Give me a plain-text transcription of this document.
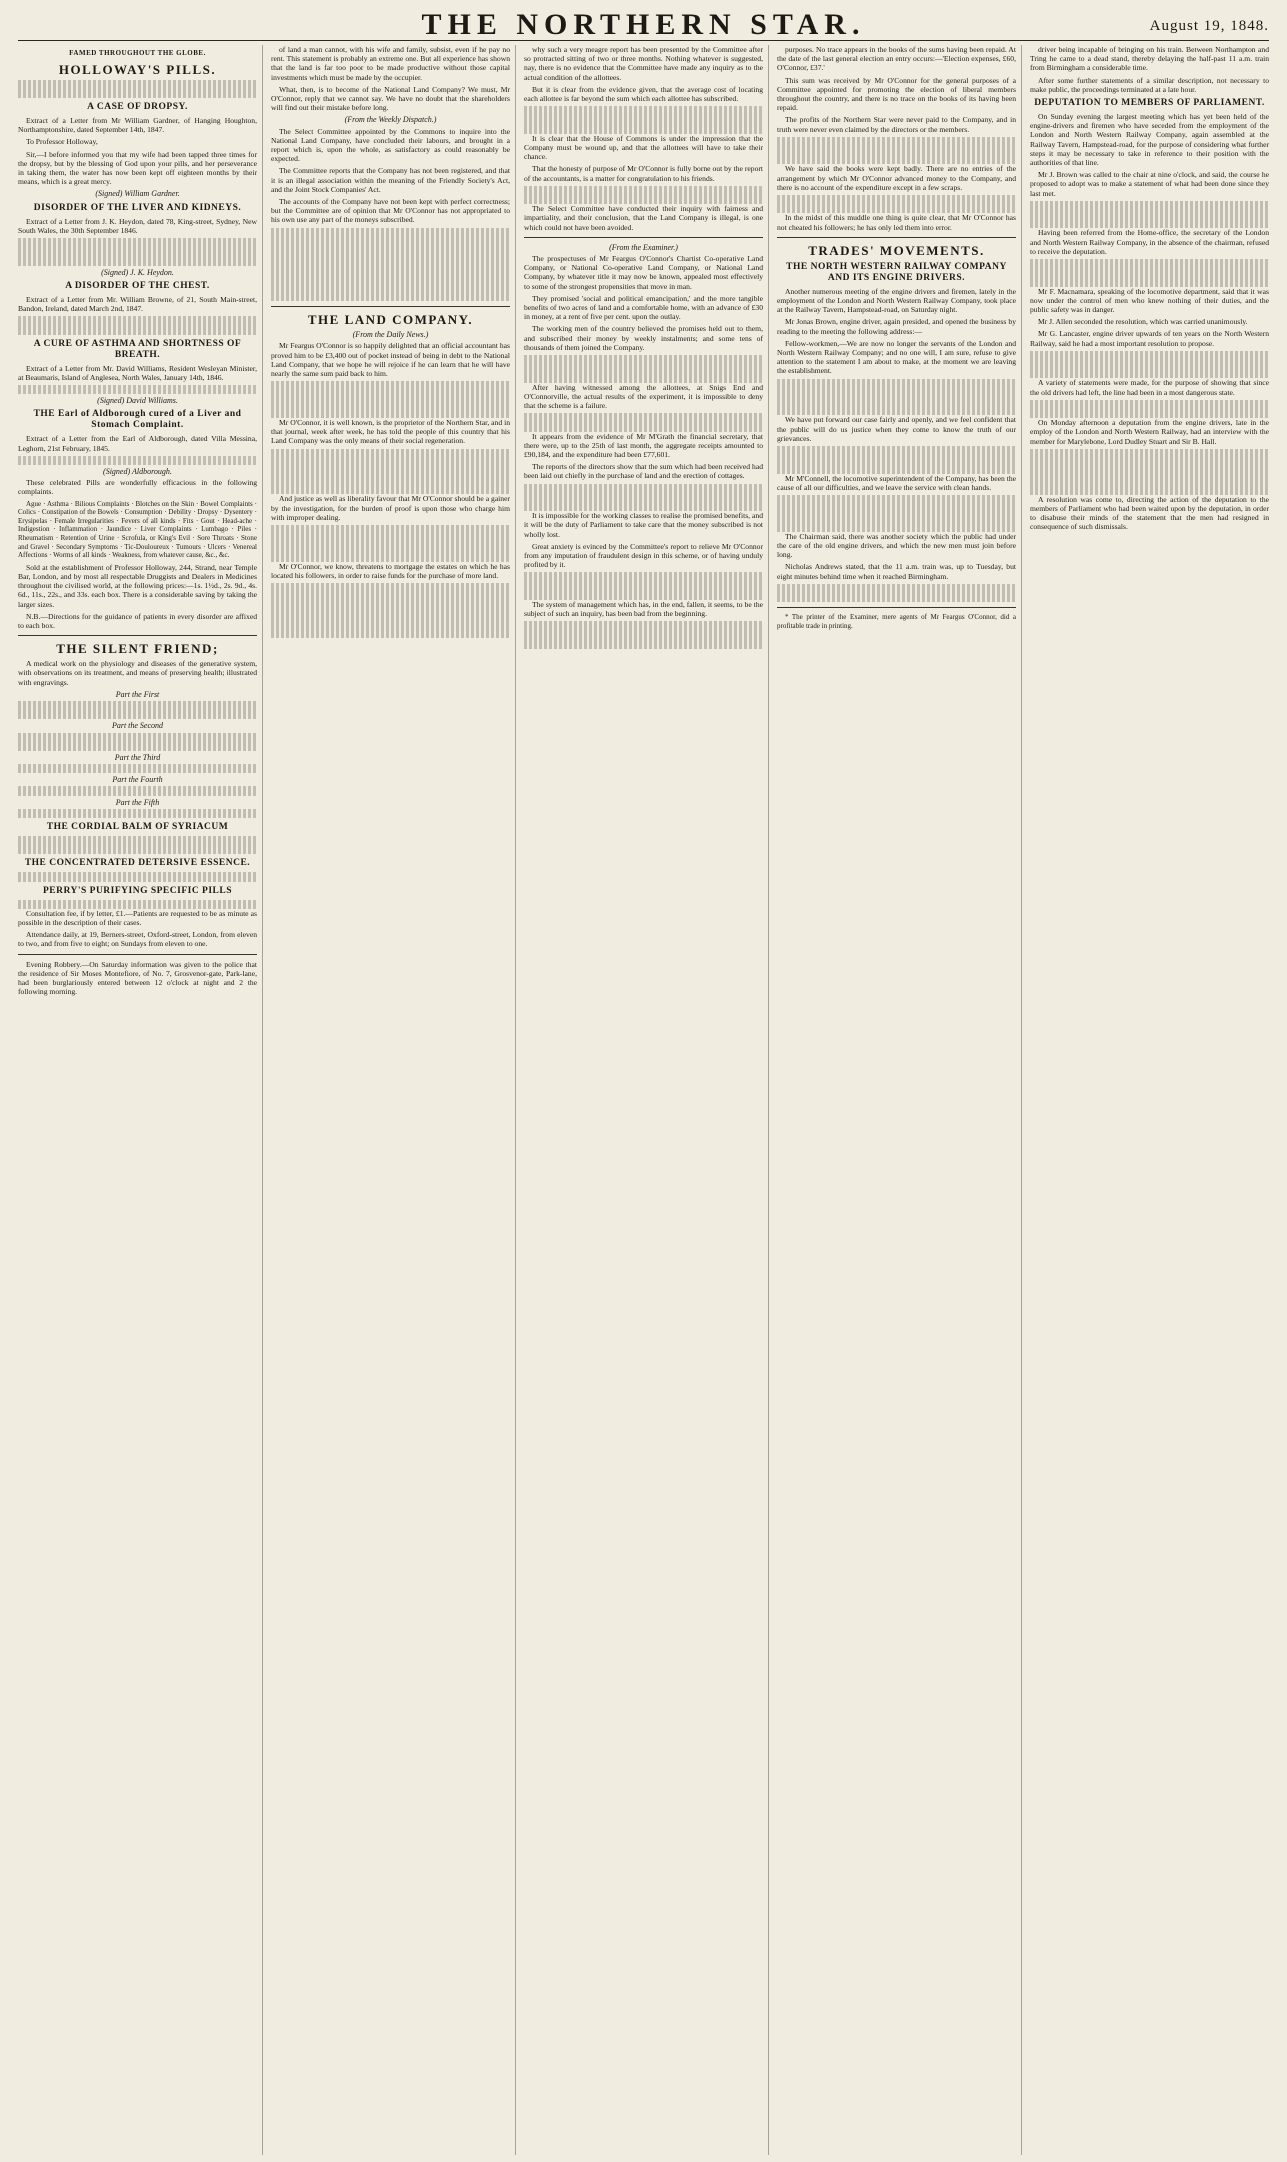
THE NORTHERN STAR.	August 19, 1848.
FAMED THROUGHOUT THE GLOBE.
HOLLOWAY'S PILLS.
A CASE OF DROPSY.

Extract of a Letter from Mr William Gardner, of Hanging Houghton, Northamptonshire, dated September 14th, 1847.

To Professor Holloway,

Sir,—I before informed you that my wife had been tapped three times for the dropsy, but by the blessing of God upon your pills, and her perseverance in taking them, the water has now been kept off eighteen months by their means, which is a great mercy.

(Signed) William Gardner.
DISORDER OF THE LIVER AND KIDNEYS.

Extract of a Letter from J. K. Heydon, dated 78, King-street, Sydney, New South Wales, the 30th September 1846.

(Signed) J. K. Heydon.
A DISORDER OF THE CHEST.

Extract of a Letter from Mr. William Browne, of 21, South Main-street, Bandon, Ireland, dated March 2nd, 1847.

A CURE OF ASTHMA AND SHORTNESS OF BREATH.

Extract of a Letter from Mr. David Williams, Resident Wesleyan Minister, at Beaumaris, Island of Anglesea, North Wales, January 14th, 1846.

(Signed) David Williams.
THE Earl of Aldborough cured of a Liver and Stomach Complaint.

Extract of a Letter from the Earl of Aldborough, dated Villa Messina, Leghorn, 21st February, 1845.

(Signed) Aldborough.

These celebrated Pills are wonderfully efficacious in the following complaints.

Ague · Asthma · Bilious Complaints · Blotches on the Skin · Bowel Complaints · Colics · Constipation of the Bowels · Consumption · Debility · Dropsy · Dysentery · Erysipelas · Female Irregularities · Fevers of all kinds · Fits · Gout · Head-ache · Indigestion · Inflammation · Jaundice · Liver Complaints · Lumbago · Piles · Rheumatism · Retention of Urine · Scrofula, or King's Evil · Sore Throats · Stone and Gravel · Secondary Symptoms · Tic-Douloureux · Tumours · Ulcers · Venereal Affections · Worms of all kinds · Weakness, from whatever cause, &c., &c.

Sold at the establishment of Professor Holloway, 244, Strand, near Temple Bar, London, and by most all respectable Druggists and Dealers in Medicines throughout the civilised world, at the following prices:—1s. 1½d., 2s. 9d., 4s. 6d., 11s., 22s., and 33s. each box. There is a considerable saving by taking the larger sizes.

N.B.—Directions for the guidance of patients in every disorder are affixed to each box.

THE SILENT FRIEND;

A medical work on the physiology and diseases of the generative system, with observations on its treatment, and means of preserving health; illustrated with engravings.

Part the First
Part the Second
Part the Third
Part the Fourth
Part the Fifth
THE CORDIAL BALM OF SYRIACUM
THE CONCENTRATED DETERSIVE ESSENCE.
PERRY'S PURIFYING SPECIFIC PILLS

Consultation fee, if by letter, £1.—Patients are requested to be as minute as possible in the description of their cases.

Attendance daily, at 19, Berners-street, Oxford-street, London, from eleven to two, and from five to eight; on Sundays from eleven to one.

Evening Robbery.—On Saturday information was given to the police that the residence of Sir Moses Montefiore, of No. 7, Grosvenor-gate, Park-lane, had been burglariously entered between 12 o'clock at night and 2 the following morning.

of land a man cannot, with his wife and family, subsist, even if he pay no rent. This statement is probably an extreme one. But all experience has shown that the land is far too poor to be made productive without those capital investments which must be made by the occupier.

What, then, is to become of the National Land Company? We must, Mr O'Connor, reply that we cannot say. We have no doubt that the shareholders will find out their mistake before long.

(From the Weekly Dispatch.)

The Select Committee appointed by the Commons to inquire into the National Land Company, have concluded their labours, and brought in a report which is, upon the whole, as satisfactory as could reasonably be expected.

The Committee reports that the Company has not been registered, and that it is an illegal association within the meaning of the Friendly Society's Act, and the Joint Stock Companies' Act.

The accounts of the Company have not been kept with perfect correctness; but the Committee are of opinion that Mr O'Connor has not appropriated to his own use any part of the moneys subscribed.

THE LAND COMPANY.
(From the Daily News.)

Mr Feargus O'Connor is so happily delighted that an official accountant has proved him to be £3,400 out of pocket instead of being in debt to the National Land Company, that we hope he will rejoice if he can learn that he will have nearly the same sum paid back to him.

Mr O'Connor, it is well known, is the proprietor of the Northern Star, and in that journal, week after week, he has told the people of this country that his Land Company was the only means of their social regeneration.

And justice as well as liberality favour that Mr O'Connor should be a gainer by the investigation, for the burden of proof is upon those who charge him with improper dealing.

Mr O'Connor, we know, threatens to mortgage the estates on which he has located his followers, in order to raise funds for the purchase of more land.

why such a very meagre report has been presented by the Committee after so protracted sitting of two or three months. Nothing whatever is suggested, nay, there is no evidence that the Committee have made any inquiry as to the actual condition of the allottees.

But it is clear from the evidence given, that the average cost of locating each allottee is far beyond the sum which each allottee has subscribed.

It is clear that the House of Commons is under the impression that the Company must be wound up, and that the allottees will have to take their chance.

That the honesty of purpose of Mr O'Connor is fully borne out by the report of the accountants, is a matter for congratulation to his friends.

The Select Committee have conducted their inquiry with fairness and impartiality, and their conclusion, that the Land Company is illegal, is one which could not have been avoided.

(From the Examiner.)

The prospectuses of Mr Feargus O'Connor's Chartist Co-operative Land Company, or National Co-operative Land Company, or National Land Company, by whatever title it may now be known, appealed most effectively to some of the strongest propensities that move in man.

They promised 'social and political emancipation,' and the more tangible benefits of two acres of land and a comfortable home, with an advance of £30 in money, at a rent of five per cent. upon the outlay.

The working men of the country believed the promises held out to them, and subscribed their money by weekly instalments; and some tens of thousands of them joined the Company.

After having witnessed among the allottees, at Snigs End and O'Connorville, the actual results of the experiment, it is impossible to deny that the scheme is a failure.

It appears from the evidence of Mr M'Grath the financial secretary, that there were, up to the 25th of last month, the aggregate receipts amounted to £90,184, and the expenditure had been £77,601.

The reports of the directors show that the sum which had been received had been laid out chiefly in the purchase of land and the erection of cottages.

It is impossible for the working classes to realise the promised benefits, and it will be the duty of Parliament to take care that the money subscribed is not wholly lost.

Great anxiety is evinced by the Committee's report to relieve Mr O'Connor from any imputation of fraudulent design in this scheme, or of having unduly profited by it.

The system of management which has, in the end, fallen, it seems, to be the subject of such an inquiry, has been bad from the beginning.

purposes. No trace appears in the books of the sums having been repaid. At the date of the last general election an entry occurs:—'Election expenses, £60, O'Connor, £37.'

This sum was received by Mr O'Connor for the general purposes of a Committee appointed for promoting the election of liberal members throughout the country, and there is no trace on the books of its having been repaid.

The profits of the Northern Star were never paid to the Company, and in truth were never even claimed by the directors or the members.

We have said the books were kept badly. There are no entries of the arrangement by which Mr O'Connor advanced money to the Company, and there is no account of the expenditure except in a few scraps.

In the midst of this muddle one thing is quite clear, that Mr O'Connor has not cheated his followers; he has only led them into error.

TRADES' MOVEMENTS.
THE NORTH WESTERN RAILWAY COMPANY AND ITS ENGINE DRIVERS.

Another numerous meeting of the engine drivers and firemen, lately in the employment of the London and North Western Railway Company, took place at the Railway Tavern, Hampstead-road, on Saturday night.

Mr Jonas Brown, engine driver, again presided, and opened the business by reading to the meeting the following address:—

Fellow-workmen,—We are now no longer the servants of the London and North Western Railway Company; and no one will, I am sure, refuse to give attention to the statement I am about to make, at the moment we are leaving the establishment.

We have put forward our case fairly and openly, and we feel confident that the public will do us justice when they come to know the truth of our grievances.

Mr M'Connell, the locomotive superintendent of the Company, has been the cause of all our difficulties, and we leave the service with clean hands.

The Chairman said, there was another society which the public had under the care of the old engine drivers, and which the new men must join before long.

Nicholas Andrews stated, that the 11 a.m. train was, up to Tuesday, but eight minutes behind time when it reached Birmingham.

* The printer of the Examiner, mere agents of Mr Feargus O'Connor, did a profitable trade in printing.

driver being incapable of bringing on his train. Between Northampton and Tring he came to a dead stand, thereby delaying the half-past 11 a.m. train from Birmingham a considerable time.

After some further statements of a similar description, not necessary to make public, the proceedings terminated at a late hour.

DEPUTATION TO MEMBERS OF PARLIAMENT.

On Sunday evening the largest meeting which has yet been held of the engine-drivers and firemen who have seceded from the employment of the London and North Western Railway Company, again assembled at the Railway Tavern, Hampstead-road, for the purpose of considering what further steps it may be necessary to take in reference to their position with the authorities of that line.

Mr J. Brown was called to the chair at nine o'clock, and said, the course he proposed to adopt was to make a statement of what had been done since they last met.

Having been referred from the Home-office, the secretary of the London and North Western Railway Company, in the absence of the chairman, refused to receive the deputation.

Mr F. Macnamara, speaking of the locomotive department, said that it was now under the control of men who knew nothing of their duties, and the public safety was in danger.

Mr J. Allen seconded the resolution, which was carried unanimously.

Mr G. Lancaster, engine driver upwards of ten years on the North Western Railway, said he had a most important resolution to propose.

A variety of statements were made, for the purpose of showing that since the old drivers had left, the line had been in a most dangerous state.

On Monday afternoon a deputation from the engine drivers, late in the employ of the London and North Western Railway, had an interview with the member for Marylebone, Lord Dudley Stuart and Sir B. Hall.

A resolution was come to, directing the action of the deputation to the members of Parliament who had been waited upon by the deputation, in order to disabuse their minds of the statement that the men had resigned in consequence of such dismissals.
